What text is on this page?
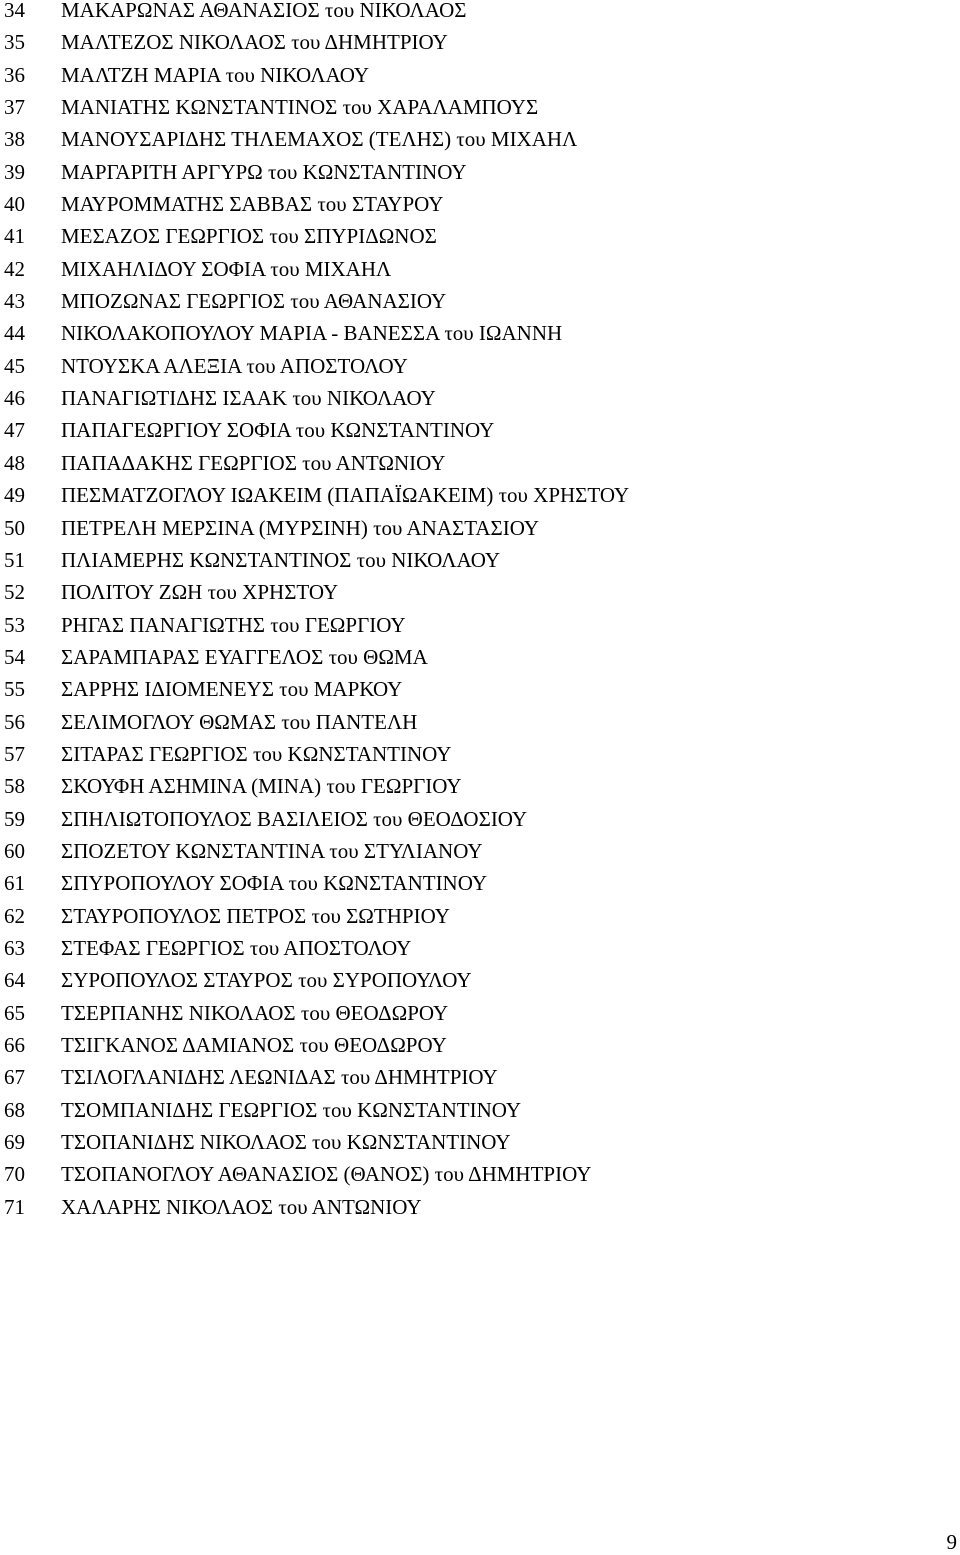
34	ΜΑΚΑΡΩΝΑΣ ΑΘΑΝΑΣΙΟΣ του ΝΙΚΟΛΑΟΣ
35	ΜΑΛΤΕΖΟΣ ΝΙΚΟΛΑΟΣ του ΔΗΜΗΤΡΙΟΥ
36	ΜΑΛΤΖΗ ΜΑΡΙΑ του ΝΙΚΟΛΑΟΥ
37	ΜΑΝΙΑΤΗΣ ΚΩΝΣΤΑΝΤΙΝΟΣ του ΧΑΡΑΛΑΜΠΟΥΣ
38	ΜΑΝΟΥΣΑΡΙΔΗΣ ΤΗΛΕΜΑΧΟΣ (ΤΕΛΗΣ) του ΜΙΧΑΗΛ
39	ΜΑΡΓΑΡΙΤΗ ΑΡΓΥΡΩ του ΚΩΝΣΤΑΝΤΙΝΟΥ
40	ΜΑΥΡΟΜΜΑΤΗΣ ΣΑΒΒΑΣ του ΣΤΑΥΡΟΥ
41	ΜΕΣΑΖΟΣ ΓΕΩΡΓΙΟΣ του ΣΠΥΡΙΔΩΝΟΣ
42	ΜΙΧΑΗΛΙΔΟΥ ΣΟΦΙΑ του ΜΙΧΑΗΛ
43	ΜΠΟΖΩΝΑΣ ΓΕΩΡΓΙΟΣ του ΑΘΑΝΑΣΙΟΥ
44	ΝΙΚΟΛΑΚΟΠΟΥΛΟΥ ΜΑΡΙΑ - ΒΑΝΕΣΣΑ του ΙΩΑΝΝΗ
45	ΝΤΟΥΣΚΑ ΑΛΕΞΙΑ του ΑΠΟΣΤΟΛΟΥ
46	ΠΑΝΑΓΙΩΤΙΔΗΣ ΙΣΑΑΚ του ΝΙΚΟΛΑΟΥ
47	ΠΑΠΑΓΕΩΡΓΙΟΥ ΣΟΦΙΑ του ΚΩΝΣΤΑΝΤΙΝΟΥ
48	ΠΑΠΑΔΑΚΗΣ ΓΕΩΡΓΙΟΣ του ΑΝΤΩΝΙΟΥ
49	ΠΕΣΜΑΤΖΟΓΛΟΥ ΙΩΑΚΕΙΜ (ΠΑΠΑΪΩΑΚΕΙΜ) του ΧΡΗΣΤΟΥ
50	ΠΕΤΡΕΛΗ ΜΕΡΣΙΝΑ (ΜΥΡΣΙΝΗ) του ΑΝΑΣΤΑΣΙΟΥ
51	ΠΛΙΑΜΕΡΗΣ ΚΩΝΣΤΑΝΤΙΝΟΣ του ΝΙΚΟΛΑΟΥ
52	ΠΟΛΙΤΟΥ ΖΩΗ του ΧΡΗΣΤΟΥ
53	ΡΗΓΑΣ ΠΑΝΑΓΙΩΤΗΣ του ΓΕΩΡΓΙΟΥ
54	ΣΑΡΑΜΠΑΡΑΣ ΕΥΑΓΓΕΛΟΣ του ΘΩΜΑ
55	ΣΑΡΡΗΣ ΙΔΙΟΜΕΝΕΥΣ του ΜΑΡΚΟΥ
56	ΣΕΛΙΜΟΓΛΟΥ ΘΩΜΑΣ του ΠΑΝΤΕΛΗ
57	ΣΙΤΑΡΑΣ ΓΕΩΡΓΙΟΣ του ΚΩΝΣΤΑΝΤΙΝΟΥ
58	ΣΚΟΥΦΗ ΑΣΗΜΙΝΑ (ΜΙΝΑ) του ΓΕΩΡΓΙΟΥ
59	ΣΠΗΛΙΩΤΟΠΟΥΛΟΣ ΒΑΣΙΛΕΙΟΣ του ΘΕΟΔΟΣΙΟΥ
60	ΣΠΟΖΕΤΟΥ ΚΩΝΣΤΑΝΤΙΝΑ του ΣΤΥΛΙΑΝΟΥ
61	ΣΠΥΡΟΠΟΥΛΟΥ ΣΟΦΙΑ του ΚΩΝΣΤΑΝΤΙΝΟΥ
62	ΣΤΑΥΡΟΠΟΥΛΟΣ ΠΕΤΡΟΣ του ΣΩΤΗΡΙΟΥ
63	ΣΤΕΦΑΣ ΓΕΩΡΓΙΟΣ του ΑΠΟΣΤΟΛΟΥ
64	ΣΥΡΟΠΟΥΛΟΣ ΣΤΑΥΡΟΣ του ΣΥΡΟΠΟΥΛΟΥ
65	ΤΣΕΡΠΑΝΗΣ ΝΙΚΟΛΑΟΣ του ΘΕΟΔΩΡΟΥ
66	ΤΣΙΓΚΑΝΟΣ ΔΑΜΙΑΝΟΣ του ΘΕΟΔΩΡΟΥ
67	ΤΣΙΛΟΓΛΑΝΙΔΗΣ ΛΕΩΝΙΔΑΣ του ΔΗΜΗΤΡΙΟΥ
68	ΤΣΟΜΠΑΝΙΔΗΣ ΓΕΩΡΓΙΟΣ του ΚΩΝΣΤΑΝΤΙΝΟΥ
69	ΤΣΟΠΑΝΙΔΗΣ ΝΙΚΟΛΑΟΣ του ΚΩΝΣΤΑΝΤΙΝΟΥ
70	ΤΣΟΠΑΝΟΓΛΟΥ ΑΘΑΝΑΣΙΟΣ (ΘΑΝΟΣ) του ΔΗΜΗΤΡΙΟΥ
71	ΧΑΛΑΡΗΣ ΝΙΚΟΛΑΟΣ του ΑΝΤΩΝΙΟΥ
9
